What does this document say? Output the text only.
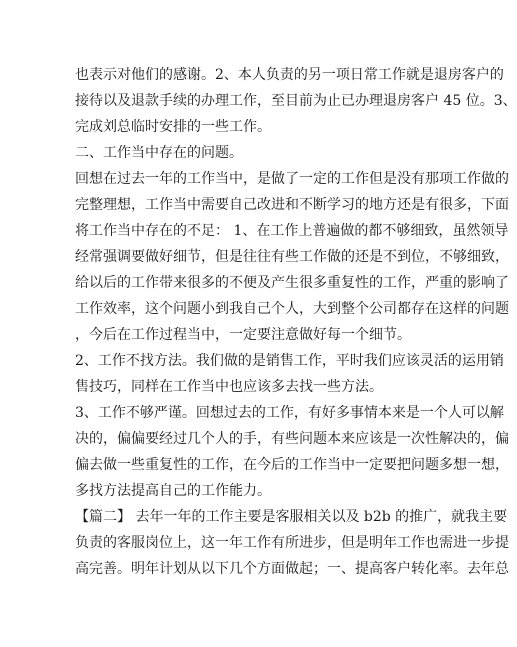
也表示对他们的感谢。2、本人负责的另一项日常工作就是退房客户的
接待以及退款手续的办理工作，至目前为止已办理退房客户 45 位。3、
完成刘总临时安排的一些工作。
二、工作当中存在的问题。
回想在过去一年的工作当中，是做了一定的工作但是没有那项工作做的
完整理想，工作当中需要自己改进和不断学习的地方还是有很多，下面
将工作当中存在的不足： 1、在工作上普遍做的都不够细致，虽然领导
经常强调要做好细节，但是往往有些工作做的还是不到位，不够细致，
给以后的工作带来很多的不便及产生很多重复性的工作，严重的影响了
工作效率，这个问题小到我自己个人，大到整个公司都存在这样的问题
，今后在工作过程当中，一定要注意做好每一个细节。
2、工作不找方法。我们做的是销售工作，平时我们应该灵活的运用销
售技巧，同样在工作当中也应该多去找一些方法。
3、工作不够严谨。回想过去的工作，有好多事情本来是一个人可以解
决的，偏偏要经过几个人的手，有些问题本来应该是一次性解决的，偏
偏去做一些重复性的工作，在今后的工作当中一定要把问题多想一想，
多找方法提高自己的工作能力。
【篇二】 去年一年的工作主要是客服相关以及 b2b 的推广，就我主要
负责的客服岗位上，这一年工作有所进步，但是明年工作也需进一步提
高完善。明年计划从以下几个方面做起；一、提高客户转化率。去年总
